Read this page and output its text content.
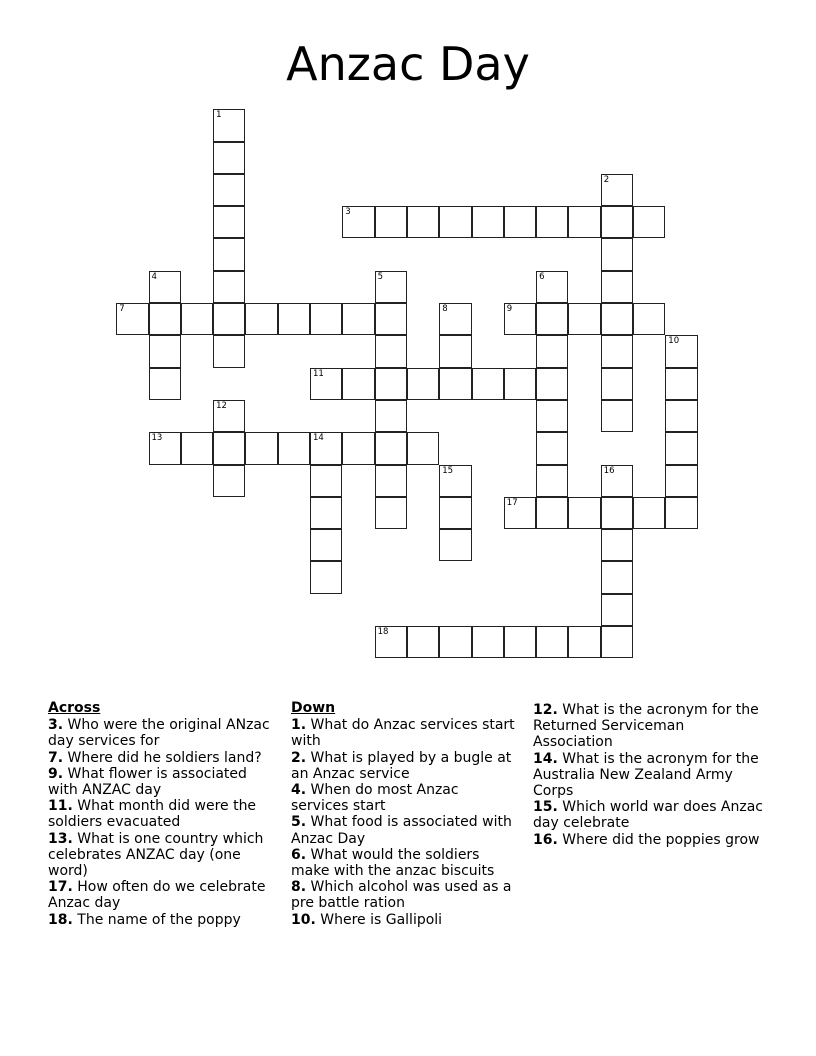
Anzac Day
1
2
3
4	5	6
7	8	9
10
11
12
13	14
15	16
17
18
Across
3. Who were the original ANzac day services for
7. Where did he soldiers land?
9. What flower is associated with ANZAC day
11. What month did were the soldiers evacuated
13. What is one country which celebrates ANZAC day (one word)
17. How often do we celebrate Anzac day
18. The name of the poppy
Down
1. What do Anzac services start with
2. What is played by a bugle at an Anzac service
4. When do most Anzac services start
5. What food is associated with Anzac Day
6. What would the soldiers make with the anzac biscuits
8. Which alcohol was used as a pre battle ration
10. Where is Gallipoli
12. What is the acronym for the Returned Serviceman Association
14. What is the acronym for the Australia New Zealand Army Corps
15. Which world war does Anzac day celebrate
16. Where did the poppies grow
